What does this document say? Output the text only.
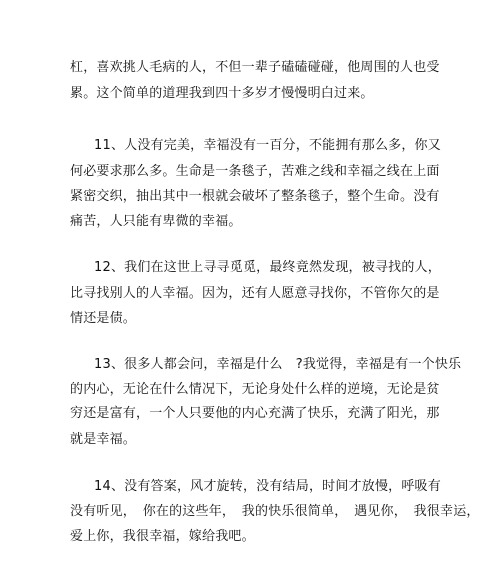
杠，喜欢挑人毛病的人，不但一辈子磕磕碰碰，他周围的人也受
累。这个简单的道理我到四十多岁才慢慢明白过来。
11、人没有完美，幸福没有一百分，不能拥有那么多，你又
何必要求那么多。生命是一条毯子，苦难之线和幸福之线在上面
紧密交织，抽出其中一根就会破坏了整条毯子，整个生命。没有
痛苦，人只能有卑微的幸福。
12、我们在这世上寻寻觅觅，最终竟然发现，被寻找的人，
比寻找别人的人幸福。因为，还有人愿意寻找你，不管你欠的是
情还是债。
13、很多人都会问，幸福是什么　?我觉得，幸福是有一个快乐
的内心，无论在什么情况下，无论身处什么样的逆境，无论是贫
穷还是富有，一个人只要他的内心充满了快乐，充满了阳光，那
就是幸福。
14、没有答案，风才旋转，没有结局，时间才放慢，呼吸有
没有听见，　你在的这些年，　我的快乐很简单，　遇见你，　我很幸运，
爱上你，我很幸福，嫁给我吧。
